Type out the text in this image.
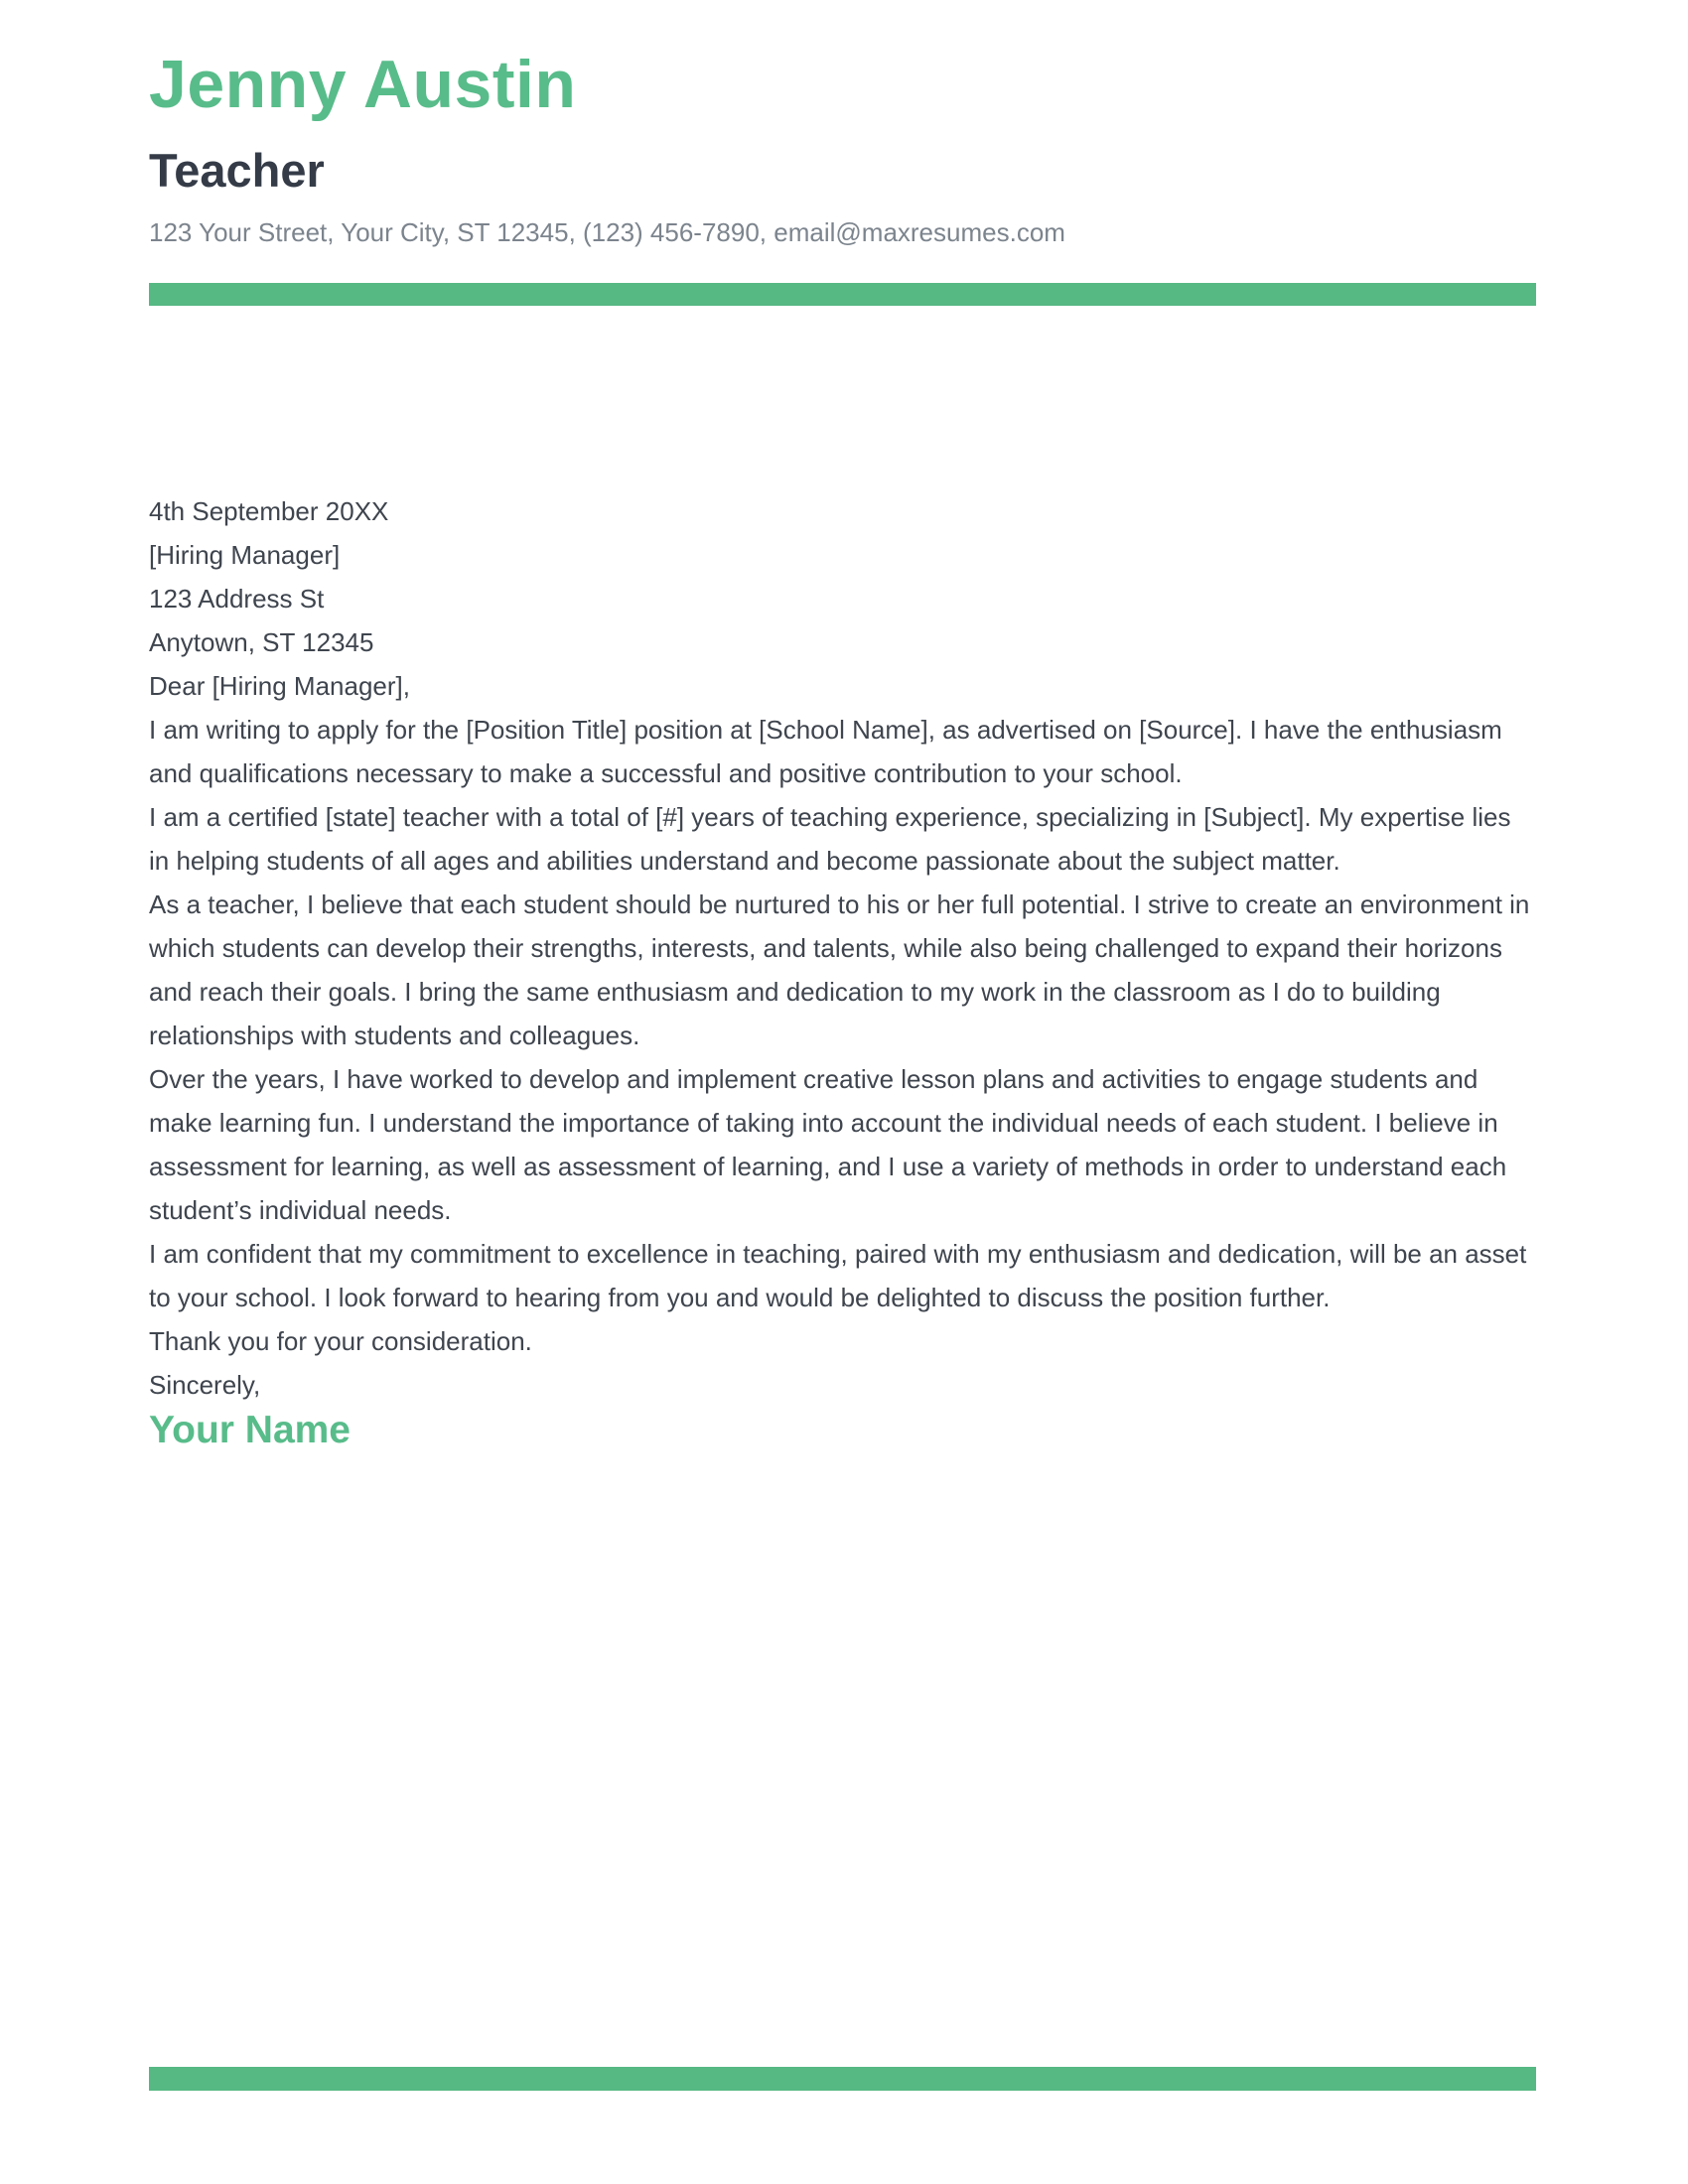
Jenny Austin
Teacher

123 Your Street, Your City, ST 12345, (123) 456-7890, email@maxresumes.com

4th September 20XX

[Hiring Manager]

123 Address St
Anytown, ST 12345

Dear [Hiring Manager],

I am writing to apply for the [Position Title] position at [School Name], as advertised on [Source]. I have the enthusiasm and qualifications necessary to make a successful and positive contribution to your school.

I am a certified [state] teacher with a total of [#] years of teaching experience, specializing in [Subject]. My expertise lies in helping students of all ages and abilities understand and become passionate about the subject matter.

As a teacher, I believe that each student should be nurtured to his or her full potential. I strive to create an environment in which students can develop their strengths, interests, and talents, while also being challenged to expand their horizons and reach their goals. I bring the same enthusiasm and dedication to my work in the classroom as I do to building relationships with students and colleagues.

Over the years, I have worked to develop and implement creative lesson plans and activities to engage students and make learning fun. I understand the importance of taking into account the individual needs of each student. I believe in assessment for learning, as well as assessment of learning, and I use a variety of methods in order to understand each student’s individual needs.

I am confident that my commitment to excellence in teaching, paired with my enthusiasm and dedication, will be an asset to your school. I look forward to hearing from you and would be delighted to discuss the position further.

Thank you for your consideration.

Sincerely,

Your Name
